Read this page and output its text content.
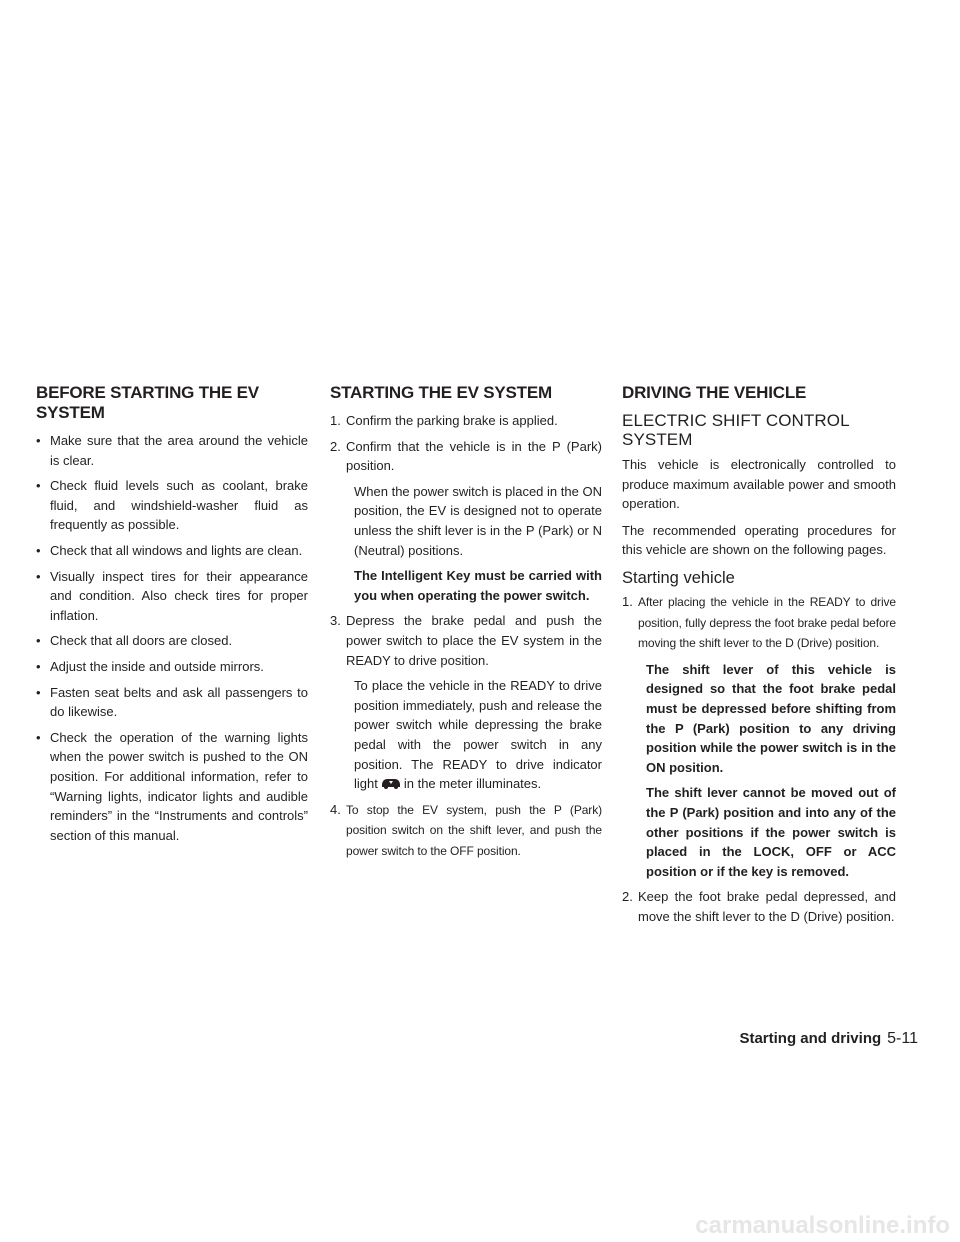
BEFORE STARTING THE EV SYSTEM
• Make sure that the area around the vehicle is clear.
• Check fluid levels such as coolant, brake fluid, and windshield-washer fluid as frequently as possible.
• Check that all windows and lights are clean.
• Visually inspect tires for their appearance and condition. Also check tires for proper inflation.
• Check that all doors are closed.
• Adjust the inside and outside mirrors.
• Fasten seat belts and ask all passengers to do likewise.
• Check the operation of the warning lights when the power switch is pushed to the ON position. For additional information, refer to “Warning lights, indicator lights and audible reminders” in the “Instruments and controls” section of this manual.
STARTING THE EV SYSTEM
1. Confirm the parking brake is applied.
2. Confirm that the vehicle is in the P (Park) position.
When the power switch is placed in the ON position, the EV is designed not to operate unless the shift lever is in the P (Park) or N (Neutral) positions.
The Intelligent Key must be carried with you when operating the power switch.
3. Depress the brake pedal and push the power switch to place the EV system in the READY to drive position.
To place the vehicle in the READY to drive position immediately, push and release the power switch while depressing the brake pedal with the power switch in any position. The READY to drive indicator light in the meter illuminates.
4. To stop the EV system, push the P (Park) position switch on the shift lever, and push the power switch to the OFF position.
DRIVING THE VEHICLE
ELECTRIC SHIFT CONTROL SYSTEM

This vehicle is electronically controlled to produce maximum available power and smooth operation.

The recommended operating procedures for this vehicle are shown on the following pages.

Starting vehicle
1. After placing the vehicle in the READY to drive position, fully depress the foot brake pedal before moving the shift lever to the D (Drive) position.
The shift lever of this vehicle is designed so that the foot brake pedal must be depressed before shifting from the P (Park) position to any driving position while the power switch is in the ON position.
The shift lever cannot be moved out of the P (Park) position and into any of the other positions if the power switch is placed in the LOCK, OFF or ACC position or if the key is removed.
2. Keep the foot brake pedal depressed, and move the shift lever to the D (Drive) position.
Starting and driving 5-11
carmanualsonline.info
